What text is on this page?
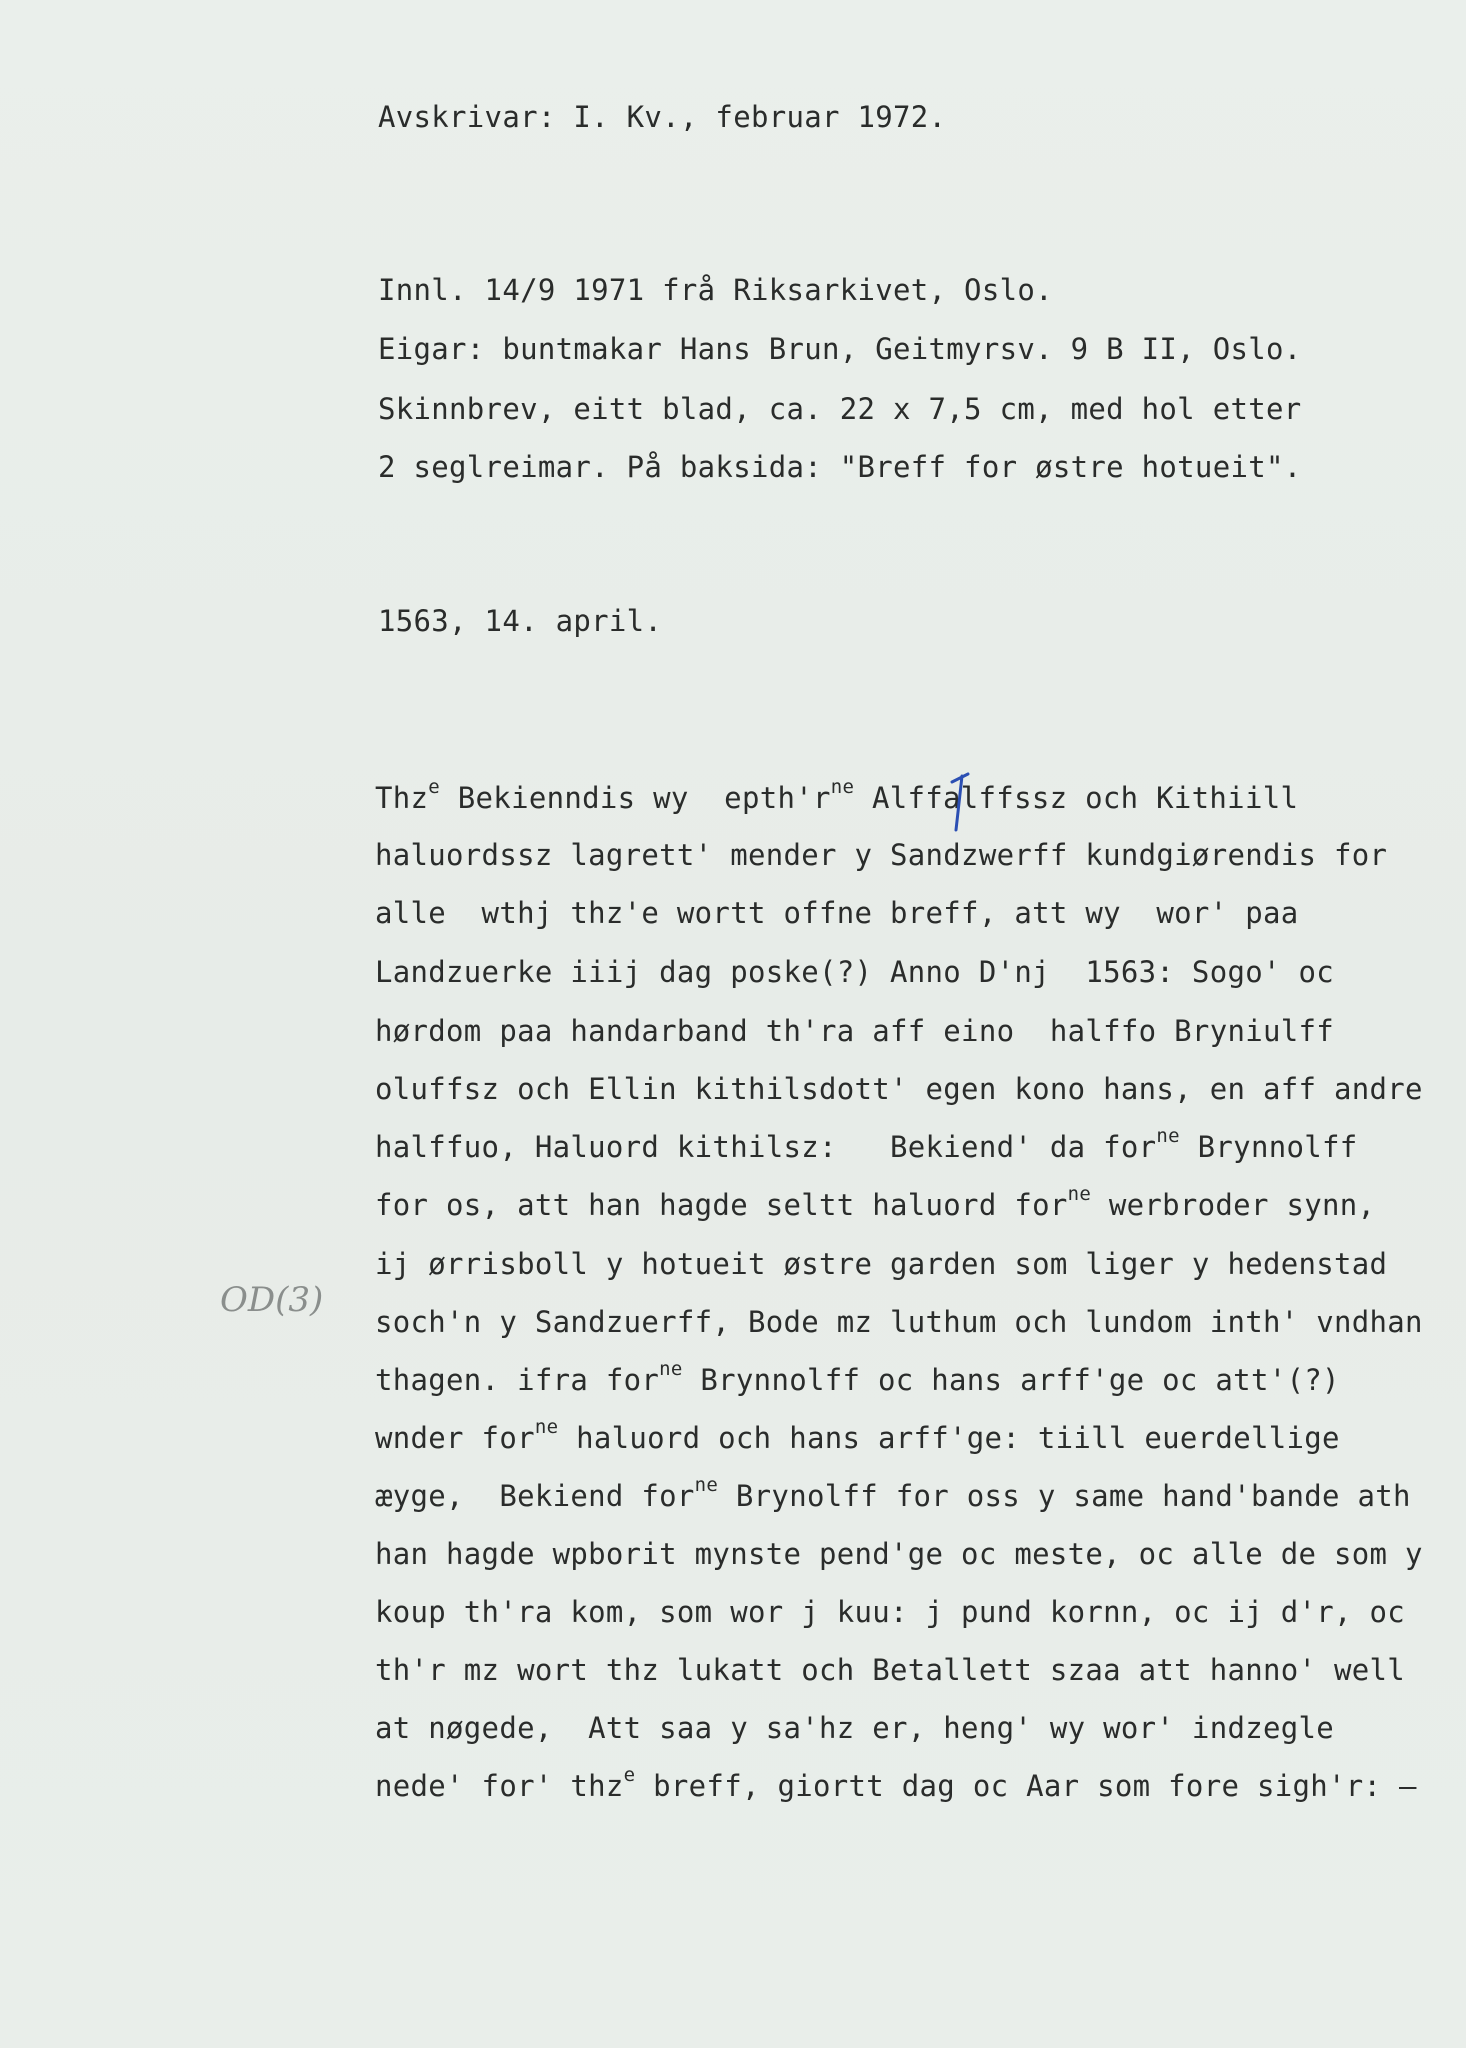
Avskrivar: I. Kv., februar 1972.
Innl. 14/9 1971 frå Riksarkivet, Oslo.
Eigar: buntmakar Hans Brun, Geitmyrsv. 9 B II, Oslo.
Skinnbrev, eitt blad, ca. 22 x 7,5 cm, med hol etter
2 seglreimar. På baksida: "Breff for østre hotueit".
1563, 14. april.
Thz$^e$ Bekienndis wy  $epth'r^{ne}$ Alffalffssz och Kithiill
haluordssz lagrett' mender y Sandzwerff kundgiørendis for
alle  wthj thz'e wortt offne breff, att wy  wor' paa
Landzuerke iiij dag poske(?) Anno D'nj  1563: Sogo' oc
hørdom paa handarband th'ra aff eino  halffo Bryniulff
oluffsz och Ellin kithilsdott' egen kono hans, en aff andre
halffuo, Haluord kithilsz:   Bekiend' da for$^{ne}$ Brynnolff
for os, att han hagde seltt haluord for$^{ne}$ werbroder synn,
ij ørrisboll y hotueit østre garden som liger y hedenstad
soch'n y Sandzuerff, Bode mz luthum och lundom inth' vndhan
thagen. ifra for$^{ne}$ Brynnolff oc hans arff'ge oc att'(?)
wnder for$^{ne}$ haluord och hans arff'ge: tiill euerdellige
æyge,  Bekiend for$^{ne}$ Brynolff for oss y same hand'bande ath
han hagde wpborit mynste pend'ge oc meste, oc alle de som y
koup th'ra kom, som wor j kuu: j pund kornn, oc ij d'r, oc
th'r mz wort thz lukatt och Betallett szaa att hanno' well
at nøgede,  Att saa y sa'hz er, heng' wy wor' indzegle
nede' for' thz$^e$ breff, giortt dag oc Aar som fore sigh'r: —
OD(3)
